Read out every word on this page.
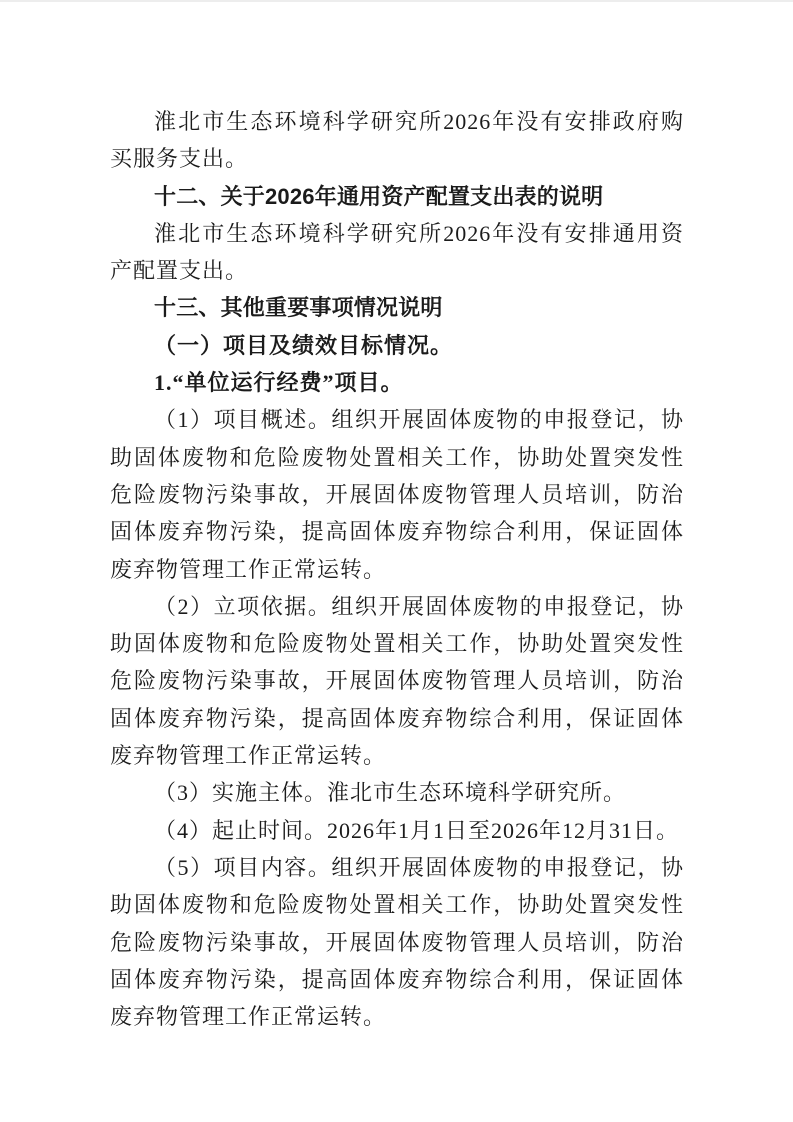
淮北市生态环境科学研究所2026年没有安排政府购买服务支出。

十二、关于2026年通用资产配置支出表的说明

淮北市生态环境科学研究所2026年没有安排通用资产配置支出。

十三、其他重要事项情况说明

（一）项目及绩效目标情况。

1.“单位运行经费”项目。

（1）项目概述。组织开展固体废物的申报登记，协助固体废物和危险废物处置相关工作，协助处置突发性危险废物污染事故，开展固体废物管理人员培训，防治固体废弃物污染，提高固体废弃物综合利用，保证固体废弃物管理工作正常运转。

（2）立项依据。组织开展固体废物的申报登记，协助固体废物和危险废物处置相关工作，协助处置突发性危险废物污染事故，开展固体废物管理人员培训，防治固体废弃物污染，提高固体废弃物综合利用，保证固体废弃物管理工作正常运转。

（3）实施主体。淮北市生态环境科学研究所。

（4）起止时间。2026年1月1日至2026年12月31日。

（5）项目内容。组织开展固体废物的申报登记，协助固体废物和危险废物处置相关工作，协助处置突发性危险废物污染事故，开展固体废物管理人员培训，防治固体废弃物污染，提高固体废弃物综合利用，保证固体废弃物管理工作正常运转。
